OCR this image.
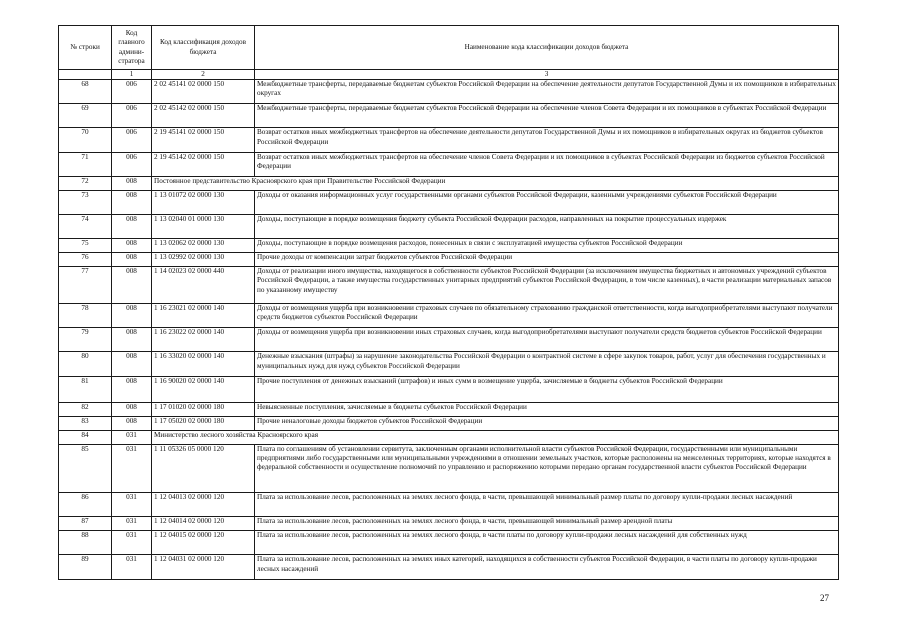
№ строки	Код главного админи-стратора	Код классификация доходов бюджета	Наименование кода классификации доходов бюджета
	1	2	3
68	006	2 02 45141 02 0000 150	Межбюджетные трансферты, передаваемые бюджетам субъектов Российской Федерации на обеспечение деятельности депутатов Государственной Думы и их помощников в избирательных округах
69	006	2 02 45142 02 0000 150	Межбюджетные трансферты, передаваемые бюджетам субъектов Российской Федерации на обеспечение членов Совета Федерации и их помощников в субъектах Российской Федерации
70	006	2 19 45141 02 0000 150	Возврат остатков иных межбюджетных трансфертов на обеспечение деятельности депутатов Государственной Думы и их помощников в избирательных округах из бюджетов субъектов Российской Федерации
71	006	2 19 45142 02 0000 150	Возврат остатков иных межбюджетных трансфертов на обеспечение членов Совета Федерации и их помощников в субъектах Российской Федерации из бюджетов субъектов Российской Федерации
72	008	Постоянное представительство Красноярского края при Правительстве Российской Федерации	
73	008	1 13 01072 02 0000 130	Доходы от оказания информационных услуг государственными органами субъектов Российской Федерации, казенными учреждениями субъектов Российской Федерации
74	008	1 13 02040 01 0000 130	Доходы, поступающие в порядке возмещения бюджету субъекта Российской Федерации расходов, направленных на покрытие процессуальных издержек
75	008	1 13 02062 02 0000 130	Доходы, поступающие в порядке возмещения расходов, понесенных в связи с эксплуатацией имущества субъектов Российской Федерации
76	008	1 13 02992 02 0000 130	Прочие доходы от компенсации затрат бюджетов субъектов Российской Федерации
77	008	1 14 02023 02 0000 440	Доходы от реализации иного имущества, находящегося в собственности субъектов Российской Федерации (за исключением имущества бюджетных и автономных учреждений субъектов Российской Федерации, а также имущества государственных унитарных предприятий субъектов Российской Федерации, в том числе казенных), в части реализации материальных запасов по указанному имуществу
78	008	1 16 23021 02 0000 140	Доходы от возмещения ущерба при возникновении страховых случаев по обязательному страхованию гражданской ответственности, когда выгодоприобретателями выступают получатели средств бюджетов субъектов Российской Федерации
79	008	1 16 23022 02 0000 140	Доходы от возмещения ущерба при возникновении иных страховых случаев, когда выгодоприобретателями выступают получатели средств бюджетов субъектов Российской Федерации
80	008	1 16 33020 02 0000 140	Денежные взыскания (штрафы) за нарушение законодательства Российской Федерации о контрактной системе в сфере закупок товаров, работ, услуг для обеспечения государственных и муниципальных нужд для нужд субъектов Российской Федерации
81	008	1 16 90020 02 0000 140	Прочие поступления от денежных взысканий (штрафов) и иных сумм в возмещение ущерба, зачисляемые в бюджеты субъектов Российской Федерации
82	008	1 17 01020 02 0000 180	Невыясненные поступления, зачисляемые в бюджеты субъектов Российской Федерации
83	008	1 17 05020 02 0000 180	Прочие неналоговые доходы бюджетов субъектов Российской Федерации
84	031	Министерство лесного хозяйства Красноярского края	
85	031	1 11 05326 05 0000 120	Плата по соглашениям об установлении сервитута, заключенным органами исполнительной власти субъектов Российской Федерации, государственными или муниципальными предприятиями либо государственными или муниципальными учреждениями в отношении земельных участков, которые расположены на межселенных территориях, которые находятся в федеральной собственности и осуществление полномочий по управлению и распоряжению которыми передано органам государственной власти субъектов Российской Федерации
86	031	1 12 04013 02 0000 120	Плата за использование лесов, расположенных на землях лесного фонда, в части, превышающей минимальный размер платы по договору купли-продажи лесных насаждений
87	031	1 12 04014 02 0000 120	Плата за использование лесов, расположенных на землях лесного фонда, в части, превышающей минимальный размер арендной платы
88	031	1 12 04015 02 0000 120	Плата за использование лесов, расположенных на землях лесного фонда, в части платы по договору купли-продажи лесных насаждений для собственных нужд
89	031	1 12 04031 02 0000 120	Плата за использование лесов, расположенных на землях иных категорий, находящихся в собственности субъектов Российской Федерации, в части платы по договору купли-продажи лесных насаждений
27
